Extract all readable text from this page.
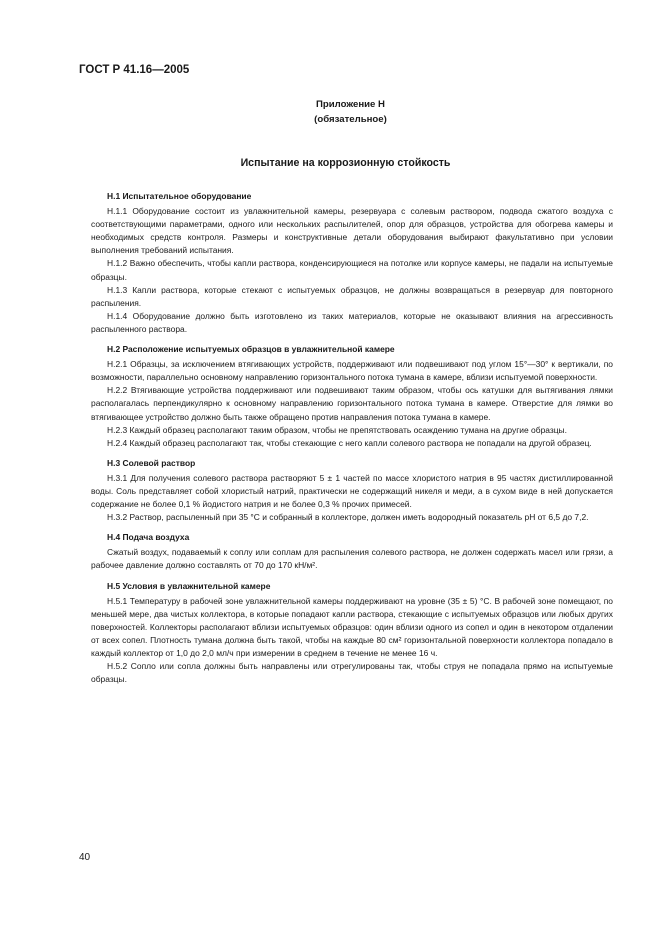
ГОСТ Р 41.16—2005
Приложение Н
(обязательное)
Испытание на коррозионную стойкость
Н.1 Испытательное оборудование

Н.1.1 Оборудование состоит из увлажнительной камеры, резервуара с солевым раствором, подвода сжатого воздуха с соответствующими параметрами, одного или нескольких распылителей, опор для образцов, устройства для обогрева камеры и необходимых средств контроля. Размеры и конструктивные детали оборудования выбирают факультативно при условии выполнения требований испытания.

Н.1.2 Важно обеспечить, чтобы капли раствора, конденсирующиеся на потолке или корпусе камеры, не падали на испытуемые образцы.

Н.1.3 Капли раствора, которые стекают с испытуемых образцов, не должны возвращаться в резервуар для повторного распыления.

Н.1.4 Оборудование должно быть изготовлено из таких материалов, которые не оказывают влияния на агрессивность распыленного раствора.

Н.2 Расположение испытуемых образцов в увлажнительной камере

Н.2.1 Образцы, за исключением втягивающих устройств, поддерживают или подвешивают под углом 15°—30° к вертикали, по возможности, параллельно основному направлению горизонтального потока тумана в камере, вблизи испытуемой поверхности.

Н.2.2 Втягивающие устройства поддерживают или подвешивают таким образом, чтобы ось катушки для вытягивания лямки располагалась перпендикулярно к основному направлению горизонтального потока тумана в камере. Отверстие для лямки во втягивающее устройство должно быть также обращено против направления потока тумана в камере.

Н.2.3 Каждый образец располагают таким образом, чтобы не препятствовать осаждению тумана на другие образцы.

Н.2.4 Каждый образец располагают так, чтобы стекающие с него капли солевого раствора не попадали на другой образец.

Н.3 Солевой раствор

Н.3.1 Для получения солевого раствора растворяют 5 ± 1 частей по массе хлористого натрия в 95 частях дистиллированной воды. Соль представляет собой хлористый натрий, практически не содержащий никеля и меди, а в сухом виде в ней допускается содержание не более 0,1 % йодистого натрия и не более 0,3 % прочих примесей.

Н.3.2 Раствор, распыленный при 35 °С и собранный в коллекторе, должен иметь водородный показатель рН от 6,5 до 7,2.

Н.4 Подача воздуха

Сжатый воздух, подаваемый к соплу или соплам для распыления солевого раствора, не должен содержать масел или грязи, а рабочее давление должно составлять от 70 до 170 кН/м².

Н.5 Условия в увлажнительной камере

Н.5.1 Температуру в рабочей зоне увлажнительной камеры поддерживают на уровне (35 ± 5) °С. В рабочей зоне помещают, по меньшей мере, два чистых коллектора, в которые попадают капли раствора, стекающие с испытуемых образцов или любых других поверхностей. Коллекторы располагают вблизи испытуемых образцов: один вблизи одного из сопел и один в некотором отдалении от всех сопел. Плотность тумана должна быть такой, чтобы на каждые 80 см² горизонтальной поверхности коллектора попадало в каждый коллектор от 1,0 до 2,0 мл/ч при измерении в среднем в течение не менее 16 ч.

Н.5.2 Сопло или сопла должны быть направлены или отрегулированы так, чтобы струя не попадала прямо на испытуемые образцы.

40
